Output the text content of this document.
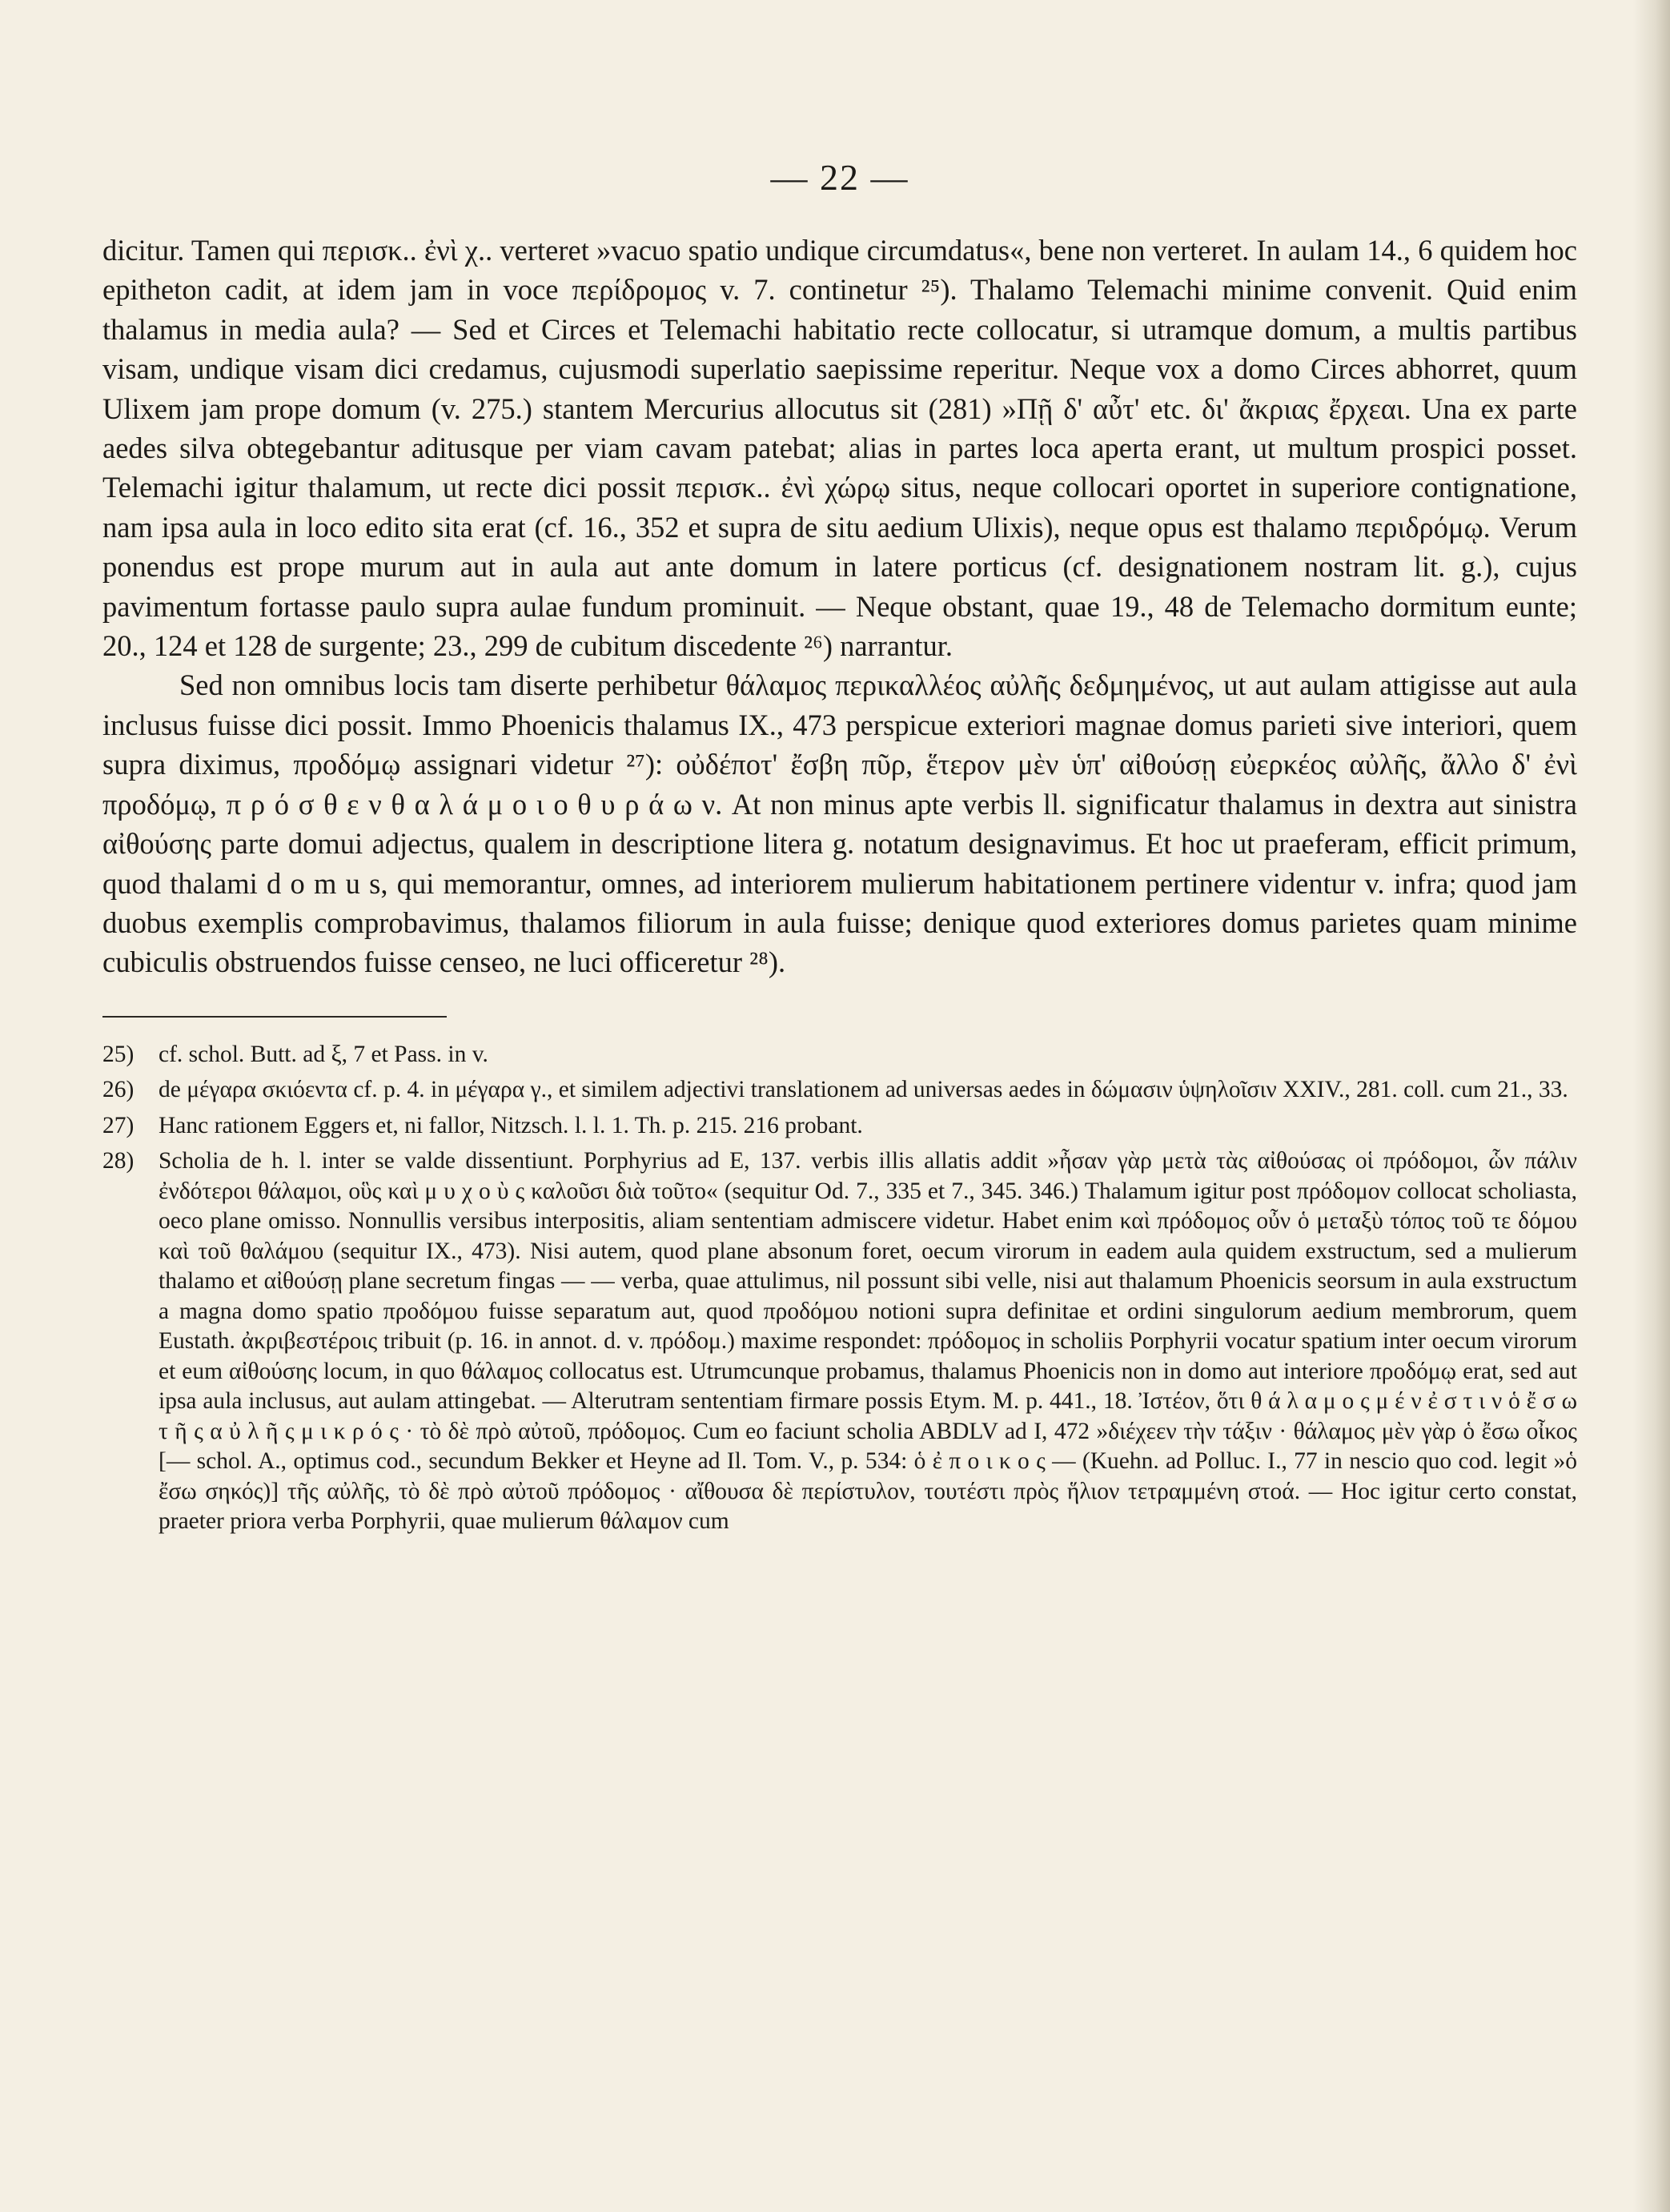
— 22 —

dicitur. Tamen qui περισκ.. ἐνὶ χ.. verteret »vacuo spatio undique circumdatus«, bene non verteret. In aulam 14., 6 quidem hoc epitheton cadit, at idem jam in voce περίδρομος v. 7. continetur ²⁵). Thalamo Telemachi minime convenit. Quid enim thalamus in media aula? — Sed et Circes et Telemachi habitatio recte collocatur, si utramque domum, a multis partibus visam, undique visam dici credamus, cujusmodi superlatio saepissime reperitur. Neque vox a domo Circes abhorret, quum Ulixem jam prope domum (v. 275.) stantem Mercurius allocutus sit (281) »Πῇ δ' αὖτ' etc. δι' ἄκριας ἔρχεαι. Una ex parte aedes silva obtegebantur aditusque per viam cavam patebat; alias in partes loca aperta erant, ut multum prospici posset. Telemachi igitur thalamum, ut recte dici possit περισκ.. ἐνὶ χώρῳ situs, neque collocari oportet in superiore contignatione, nam ipsa aula in loco edito sita erat (cf. 16., 352 et supra de situ aedium Ulixis), neque opus est thalamo περιδρόμῳ. Verum ponendus est prope murum aut in aula aut ante domum in latere porticus (cf. designationem nostram lit. g.), cujus pavimentum fortasse paulo supra aulae fundum prominuit. — Neque obstant, quae 19., 48 de Telemacho dormitum eunte; 20., 124 et 128 de surgente; 23., 299 de cubitum discedente ²⁶) narrantur.

Sed non omnibus locis tam diserte perhibetur θάλαμος περικαλλέος αὐλῆς δεδμημένος, ut aut aulam attigisse aut aula inclusus fuisse dici possit. Immo Phoenicis thalamus IX., 473 perspicue exteriori magnae domus parieti sive interiori, quem supra diximus, προδόμῳ assignari videtur ²⁷): οὐδέποτ' ἔσβη πῦρ, ἕτερον μὲν ὑπ' αἰθούσῃ εὐερκέος αὐλῆς, ἄλλο δ' ἐνὶ προδόμῳ, π ρ ό σ θ ε ν θ α λ ά μ ο ι ο θ υ ρ ά ω ν. At non minus apte verbis ll. significatur thalamus in dextra aut sinistra αἰθούσης parte domui adjectus, qualem in descriptione litera g. notatum designavimus. Et hoc ut praeferam, efficit primum, quod thalami d o m u s, qui memorantur, omnes, ad interiorem mulierum habitationem pertinere videntur v. infra; quod jam duobus exemplis comprobavimus, thalamos filiorum in aula fuisse; denique quod exteriores domus parietes quam minime cubiculis obstruendos fuisse censeo, ne luci officeretur ²⁸).

25)	cf. schol. Butt. ad ξ, 7 et Pass. in v.
26)	de μέγαρα σκιόεντα cf. p. 4. in μέγαρα γ., et similem adjectivi translationem ad universas aedes in δώμασιν ὑψηλοῖσιν XXIV., 281. coll. cum 21., 33.
27)	Hanc rationem Eggers et, ni fallor, Nitzsch. l. l. 1. Th. p. 215. 216 probant.
28)	Scholia de h. l. inter se valde dissentiunt. Porphyrius ad E, 137. verbis illis allatis addit »ἦσαν γὰρ μετὰ τὰς αἰθούσας οἱ πρόδομοι, ὧν πάλιν ἐνδότεροι θάλαμοι, οὓς καὶ μ υ χ ο ὺ ς καλοῦσι διὰ τοῦτο« (sequitur Od. 7., 335 et 7., 345. 346.) Thalamum igitur post πρόδομον collocat scholiasta, oeco plane omisso. Nonnullis versibus interpositis, aliam sententiam admiscere videtur. Habet enim καὶ πρόδομος οὖν ὁ μεταξὺ τόπος τοῦ τε δόμου καὶ τοῦ θαλάμου (sequitur IX., 473). Nisi autem, quod plane absonum foret, oecum virorum in eadem aula quidem exstructum, sed a mulierum thalamo et αἰθούσῃ plane secretum fingas — — verba, quae attulimus, nil possunt sibi velle, nisi aut thalamum Phoenicis seorsum in aula exstructum a magna domo spatio προδόμου fuisse separatum aut, quod προδόμου notioni supra definitae et ordini singulorum aedium membrorum, quem Eustath. ἀκριβεστέροις tribuit (p. 16. in annot. d. v. πρόδομ.) maxime respondet: πρόδομος in scholiis Porphyrii vocatur spatium inter oecum virorum et eum αἰθούσης locum, in quo θάλαμος collocatus est. Utrumcunque probamus, thalamus Phoenicis non in domo aut interiore προδόμῳ erat, sed aut ipsa aula inclusus, aut aulam attingebat. — Alterutram sententiam firmare possis Etym. M. p. 441., 18. Ἰστέον, ὅτι θ ά λ α μ ο ς μ έ ν ἐ σ τ ι ν ὁ ἔ σ ω τ ῆ ς α ὐ λ ῆ ς μ ι κ ρ ό ς · τὸ δὲ πρὸ αὐτοῦ, πρόδομος. Cum eo faciunt scholia ABDLV ad I, 472 »διέχεεν τὴν τάξιν · θάλαμος μὲν γὰρ ὁ ἔσω οἶκος [— schol. A., optimus cod., secundum Bekker et Heyne ad Il. Tom. V., p. 534: ὁ ἐ π ο ι κ ο ς — (Kuehn. ad Polluc. I., 77 in nescio quo cod. legit »ὁ ἔσω σηκός)] τῆς αὐλῆς, τὸ δὲ πρὸ αὐτοῦ πρόδομος · αἴθουσα δὲ περίστυλον, τουτέστι πρὸς ἥλιον τετραμμένη στοά. — Hoc igitur certo constat, praeter priora verba Porphyrii, quae mulierum θάλαμον cum
